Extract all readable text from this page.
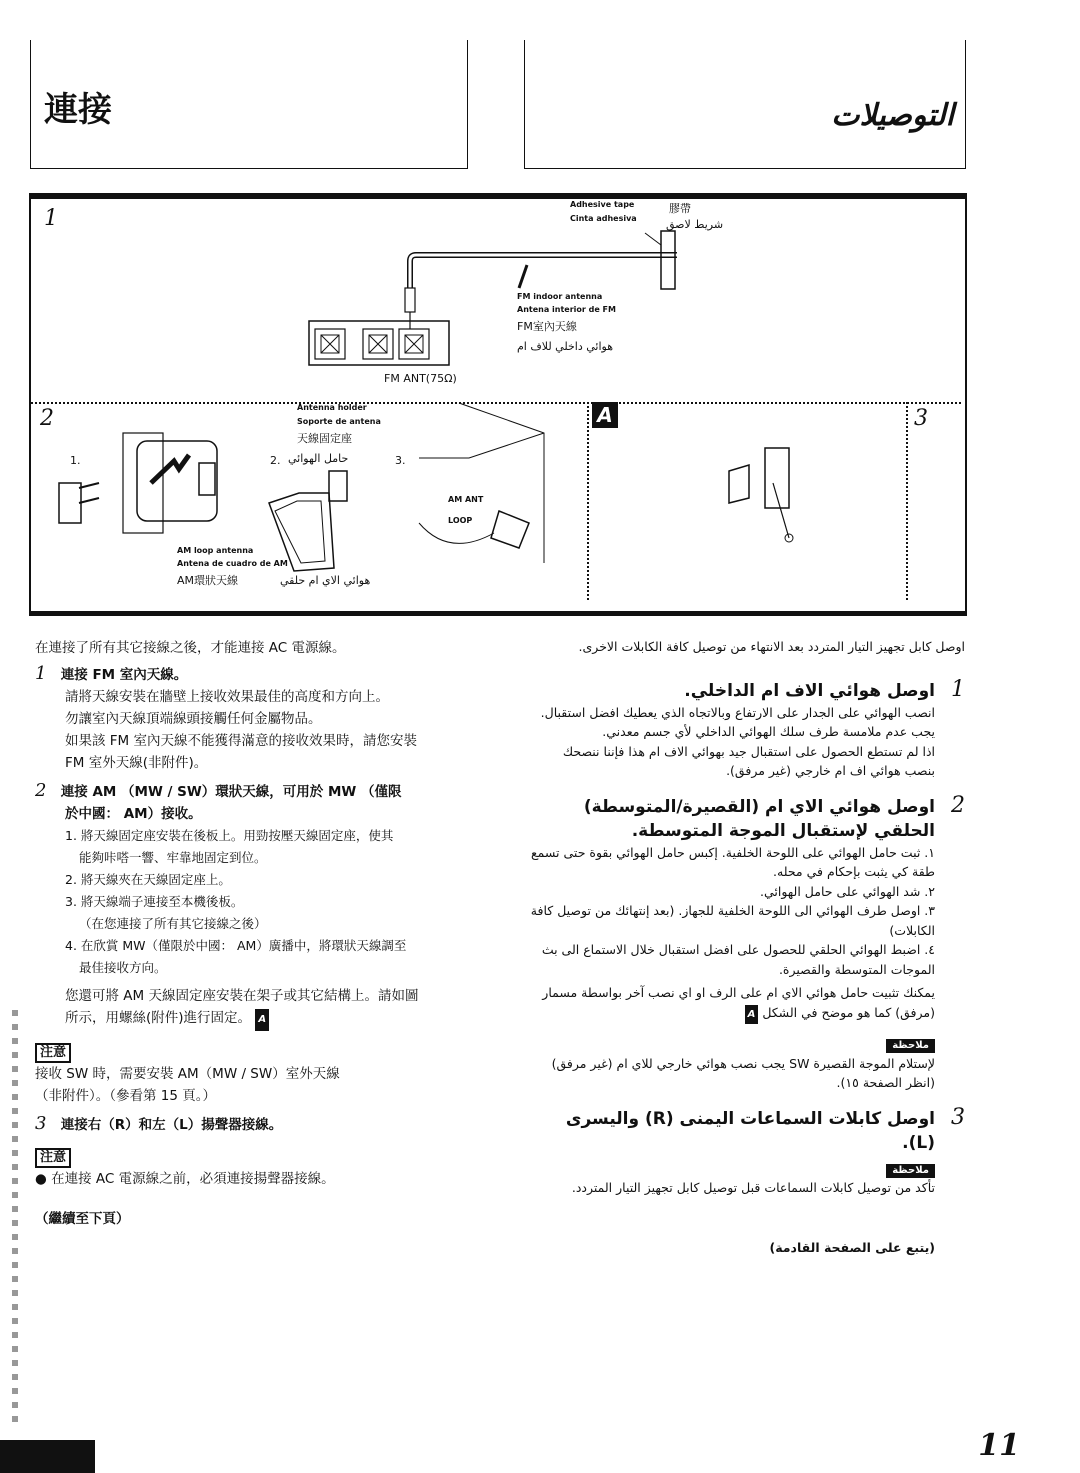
連接	التوصيلات
1
2	3
A
Adhesive tape
Cinta adhesiva
膠帶
شريط لاصق
FM indoor antenna
Antena interior de FM
FM室內天線
هوائي داخلي للاف ام
FM ANT(75Ω)
Antenna holder
Soporte de antena
天線固定座
1.	2. حامل الهوائي	3.
AM ANT
LOOP
AM loop antenna
Antena de cuadro de AM
AM環狀天線	هوائي الاي ام حلقي
在連接了所有其它接線之後，才能連接 AC 電源線。
1 連接 FM 室內天線。
請將天線安裝在牆壁上接收效果最佳的高度和方向上。
勿讓室內天線頂端線頭接觸任何金屬物品。
如果該 FM 室內天線不能獲得滿意的接收效果時，請您安裝
FM 室外天線(非附件)。
2 連接 AM （MW / SW）環狀天線，可用於 MW （僅限
於中國： AM）接收。
1. 將天線固定座安裝在後板上。用勁按壓天線固定座，使其
能夠咔嗒一響、牢靠地固定到位。
2. 將天線夾在天線固定座上。
3. 將天線端子連接至本機後板。
（在您連接了所有其它接線之後）
4. 在欣賞 MW（僅限於中國： AM）廣播中，將環狀天線調至
最佳接收方向。
您還可將 AM 天線固定座安裝在架子或其它結構上。請如圖
所示，用螺絲(附件)進行固定。 A
注意
接收 SW 時，需要安裝 AM（MW / SW）室外天線
（非附件）。（參看第 15 頁。）
3 連接右（R）和左（L）揚聲器接線。
注意
● 在連接 AC 電源線之前，必須連接揚聲器接線。
（繼續至下頁）
اوصل كابل تجهيز التيار المتردد بعد الانتهاء من توصيل كافة الكابلات الاخرى.
1
اوصل هوائي الاف ام الداخلي.
انصب الهوائي على الجدار على الارتفاع وبالاتجاه الذي يعطيك افضل استقبال.
يجب عدم ملامسة طرف سلك الهوائي الداخلي لأي جسم معدني.
اذا لم تستطع الحصول على استقبال جيد بهوائي الاف ام هذا فإننا ننصحك بنصب هوائي اف ام خارجي (غير مرفق).
2
اوصل هوائي الاي ام (القصيرة/المتوسطة) الحلقي لإستقبال الموجة المتوسطة.
١. ثبت حامل الهوائي على اللوحة الخلفية. إكبس حامل الهوائي بقوة حتى تسمع طقة كي يثبت بإحكام في محله.
٢. شد الهوائي على حامل الهوائي.
٣. اوصل طرف الهوائي الى اللوحة الخلفية للجهاز. (بعد إنتهائك من توصيل كافة الكابلات)
٤. اضبط الهوائي الحلقي للحصول على افضل استقبال خلال الاستماع الى بث الموجات المتوسطة والقصيرة.
يمكنك تثبيت حامل هوائي الاي ام على الرف او اي نصب آخر بواسطة مسمار (مرفق) كما هو موضح في الشكل A
ملاحظة
لإستلام الموجة القصيرة SW يجب نصب هوائي خارجي للاي ام (غير مرفق) (انظر الصفحة ١٥).
3
اوصل كابلات السماعات اليمنى (R) واليسرى (L).
ملاحظة
تأكد من توصيل كابلات السماعات قبل توصيل كابل تجهيز التيار المتردد.
(يتبع على الصفحة القادمة)
11
